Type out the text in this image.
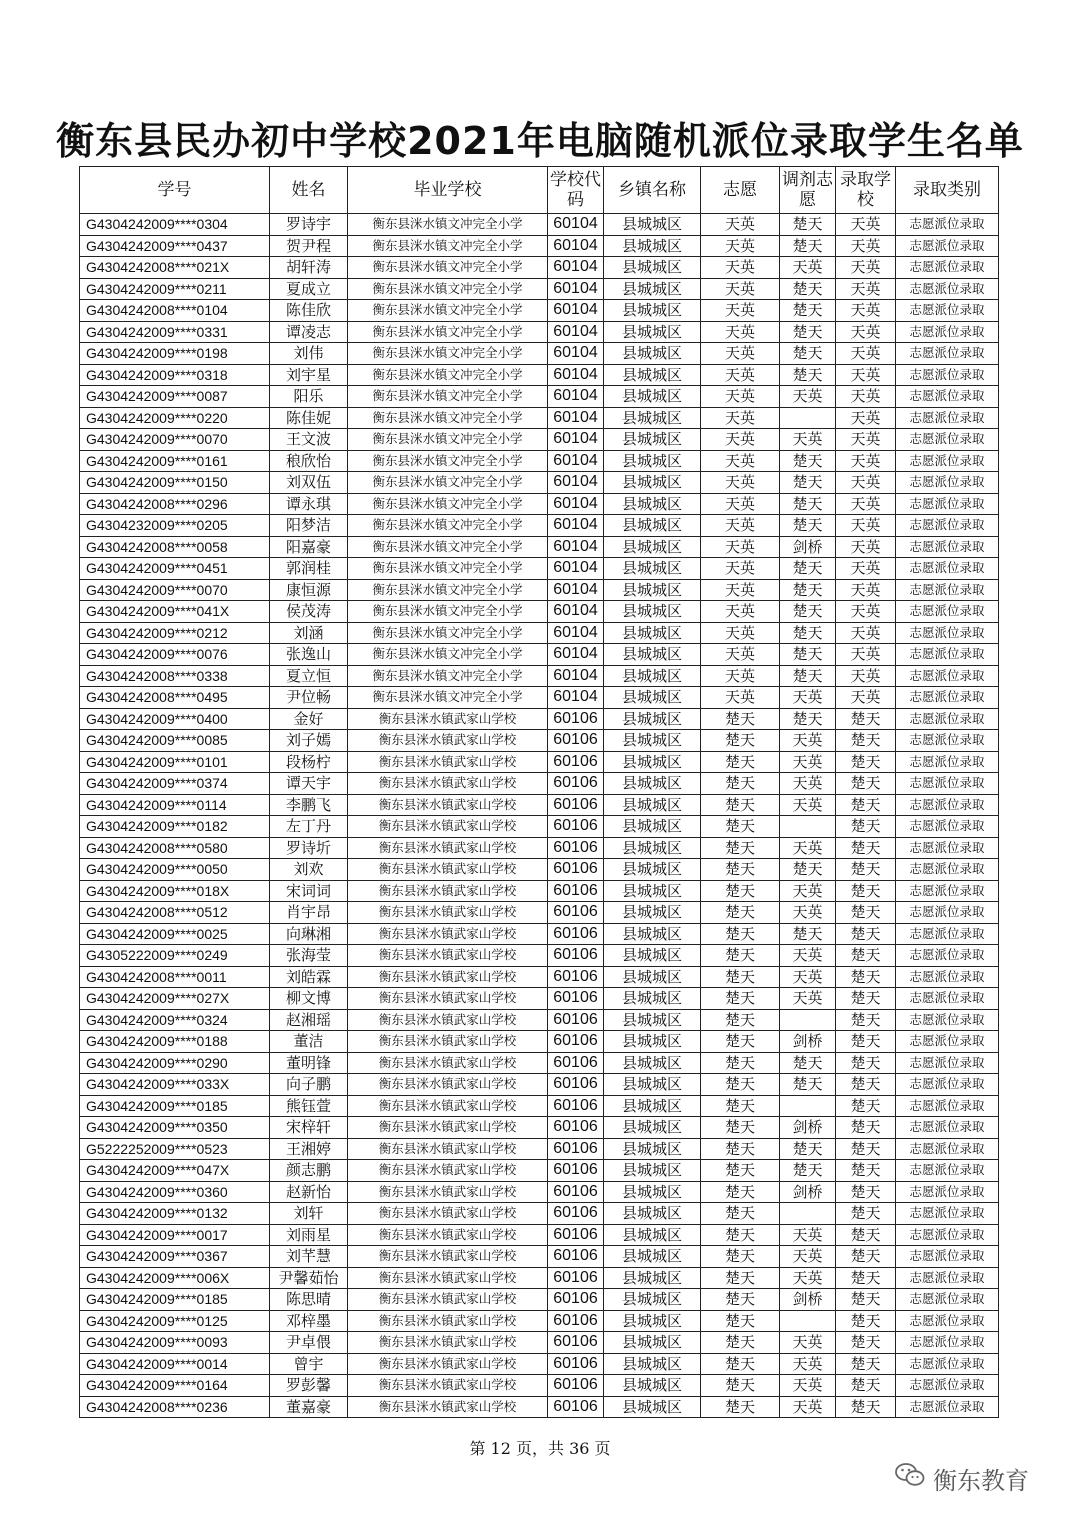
衡东县民办初中学校2021年电脑随机派位录取学生名单
学号	姓名	毕业学校	学校代码	乡镇名称	志愿	调剂志愿	录取学校	录取类别
G4304242009****0304	罗诗宇	衡东县洣水镇文冲完全小学	60104	县城城区	天英	楚天	天英	志愿派位录取
G4304242009****0437	贺尹程	衡东县洣水镇文冲完全小学	60104	县城城区	天英	楚天	天英	志愿派位录取
G4304242008****021X	胡轩涛	衡东县洣水镇文冲完全小学	60104	县城城区	天英	天英	天英	志愿派位录取
G4304242009****0211	夏成立	衡东县洣水镇文冲完全小学	60104	县城城区	天英	楚天	天英	志愿派位录取
G4304242008****0104	陈佳欣	衡东县洣水镇文冲完全小学	60104	县城城区	天英	楚天	天英	志愿派位录取
G4304242009****0331	谭凌志	衡东县洣水镇文冲完全小学	60104	县城城区	天英	楚天	天英	志愿派位录取
G4304242009****0198	刘伟	衡东县洣水镇文冲完全小学	60104	县城城区	天英	楚天	天英	志愿派位录取
G4304242009****0318	刘宇星	衡东县洣水镇文冲完全小学	60104	县城城区	天英	楚天	天英	志愿派位录取
G4304242009****0087	阳乐	衡东县洣水镇文冲完全小学	60104	县城城区	天英	天英	天英	志愿派位录取
G4304242009****0220	陈佳妮	衡东县洣水镇文冲完全小学	60104	县城城区	天英		天英	志愿派位录取
G4304242009****0070	王文波	衡东县洣水镇文冲完全小学	60104	县城城区	天英	天英	天英	志愿派位录取
G4304242009****0161	稂欣怡	衡东县洣水镇文冲完全小学	60104	县城城区	天英	楚天	天英	志愿派位录取
G4304242009****0150	刘双伍	衡东县洣水镇文冲完全小学	60104	县城城区	天英	楚天	天英	志愿派位录取
G4304242008****0296	谭永琪	衡东县洣水镇文冲完全小学	60104	县城城区	天英	楚天	天英	志愿派位录取
G4304232009****0205	阳梦洁	衡东县洣水镇文冲完全小学	60104	县城城区	天英	楚天	天英	志愿派位录取
G4304242008****0058	阳嘉豪	衡东县洣水镇文冲完全小学	60104	县城城区	天英	剑桥	天英	志愿派位录取
G4304242009****0451	郭润桂	衡东县洣水镇文冲完全小学	60104	县城城区	天英	楚天	天英	志愿派位录取
G4304242009****0070	康恒源	衡东县洣水镇文冲完全小学	60104	县城城区	天英	楚天	天英	志愿派位录取
G4304242009****041X	侯茂涛	衡东县洣水镇文冲完全小学	60104	县城城区	天英	楚天	天英	志愿派位录取
G4304242009****0212	刘涵	衡东县洣水镇文冲完全小学	60104	县城城区	天英	楚天	天英	志愿派位录取
G4304242009****0076	张逸山	衡东县洣水镇文冲完全小学	60104	县城城区	天英	楚天	天英	志愿派位录取
G4304242008****0338	夏立恒	衡东县洣水镇文冲完全小学	60104	县城城区	天英	楚天	天英	志愿派位录取
G4304242008****0495	尹位畅	衡东县洣水镇文冲完全小学	60104	县城城区	天英	天英	天英	志愿派位录取
G4304242009****0400	金好	衡东县洣水镇武家山学校	60106	县城城区	楚天	楚天	楚天	志愿派位录取
G4304242009****0085	刘子嫣	衡东县洣水镇武家山学校	60106	县城城区	楚天	天英	楚天	志愿派位录取
G4304242009****0101	段杨柠	衡东县洣水镇武家山学校	60106	县城城区	楚天	天英	楚天	志愿派位录取
G4304242009****0374	谭天宇	衡东县洣水镇武家山学校	60106	县城城区	楚天	天英	楚天	志愿派位录取
G4304242009****0114	李鹏飞	衡东县洣水镇武家山学校	60106	县城城区	楚天	天英	楚天	志愿派位录取
G4304242009****0182	左丁丹	衡东县洣水镇武家山学校	60106	县城城区	楚天		楚天	志愿派位录取
G4304242008****0580	罗诗圻	衡东县洣水镇武家山学校	60106	县城城区	楚天	天英	楚天	志愿派位录取
G4304242009****0050	刘欢	衡东县洣水镇武家山学校	60106	县城城区	楚天	楚天	楚天	志愿派位录取
G4304242009****018X	宋词词	衡东县洣水镇武家山学校	60106	县城城区	楚天	天英	楚天	志愿派位录取
G4304242008****0512	肖宇昂	衡东县洣水镇武家山学校	60106	县城城区	楚天	天英	楚天	志愿派位录取
G4304242009****0025	向琳湘	衡东县洣水镇武家山学校	60106	县城城区	楚天	楚天	楚天	志愿派位录取
G4305222009****0249	张海莹	衡东县洣水镇武家山学校	60106	县城城区	楚天	天英	楚天	志愿派位录取
G4304242008****0011	刘皓霖	衡东县洣水镇武家山学校	60106	县城城区	楚天	天英	楚天	志愿派位录取
G4304242009****027X	柳文博	衡东县洣水镇武家山学校	60106	县城城区	楚天	天英	楚天	志愿派位录取
G4304242009****0324	赵湘瑶	衡东县洣水镇武家山学校	60106	县城城区	楚天		楚天	志愿派位录取
G4304242009****0188	董洁	衡东县洣水镇武家山学校	60106	县城城区	楚天	剑桥	楚天	志愿派位录取
G4304242009****0290	董明锋	衡东县洣水镇武家山学校	60106	县城城区	楚天	楚天	楚天	志愿派位录取
G4304242009****033X	向子鹏	衡东县洣水镇武家山学校	60106	县城城区	楚天	楚天	楚天	志愿派位录取
G4304242009****0185	熊钰萱	衡东县洣水镇武家山学校	60106	县城城区	楚天		楚天	志愿派位录取
G4304242009****0350	宋梓轩	衡东县洣水镇武家山学校	60106	县城城区	楚天	剑桥	楚天	志愿派位录取
G5222252009****0523	王湘婷	衡东县洣水镇武家山学校	60106	县城城区	楚天	楚天	楚天	志愿派位录取
G4304242009****047X	颜志鹏	衡东县洣水镇武家山学校	60106	县城城区	楚天	楚天	楚天	志愿派位录取
G4304242009****0360	赵新怡	衡东县洣水镇武家山学校	60106	县城城区	楚天	剑桥	楚天	志愿派位录取
G4304242009****0132	刘轩	衡东县洣水镇武家山学校	60106	县城城区	楚天		楚天	志愿派位录取
G4304242009****0017	刘雨星	衡东县洣水镇武家山学校	60106	县城城区	楚天	天英	楚天	志愿派位录取
G4304242009****0367	刘芊慧	衡东县洣水镇武家山学校	60106	县城城区	楚天	天英	楚天	志愿派位录取
G4304242009****006X	尹馨茹怡	衡东县洣水镇武家山学校	60106	县城城区	楚天	天英	楚天	志愿派位录取
G4304242009****0185	陈思晴	衡东县洣水镇武家山学校	60106	县城城区	楚天	剑桥	楚天	志愿派位录取
G4304242009****0125	邓梓墨	衡东县洣水镇武家山学校	60106	县城城区	楚天		楚天	志愿派位录取
G4304242009****0093	尹卓偎	衡东县洣水镇武家山学校	60106	县城城区	楚天	天英	楚天	志愿派位录取
G4304242009****0014	曾宇	衡东县洣水镇武家山学校	60106	县城城区	楚天	天英	楚天	志愿派位录取
G4304242009****0164	罗彭馨	衡东县洣水镇武家山学校	60106	县城城区	楚天	天英	楚天	志愿派位录取
G4304242008****0236	董嘉豪	衡东县洣水镇武家山学校	60106	县城城区	楚天	天英	楚天	志愿派位录取
第 12 页，共 36 页
衡东教育
